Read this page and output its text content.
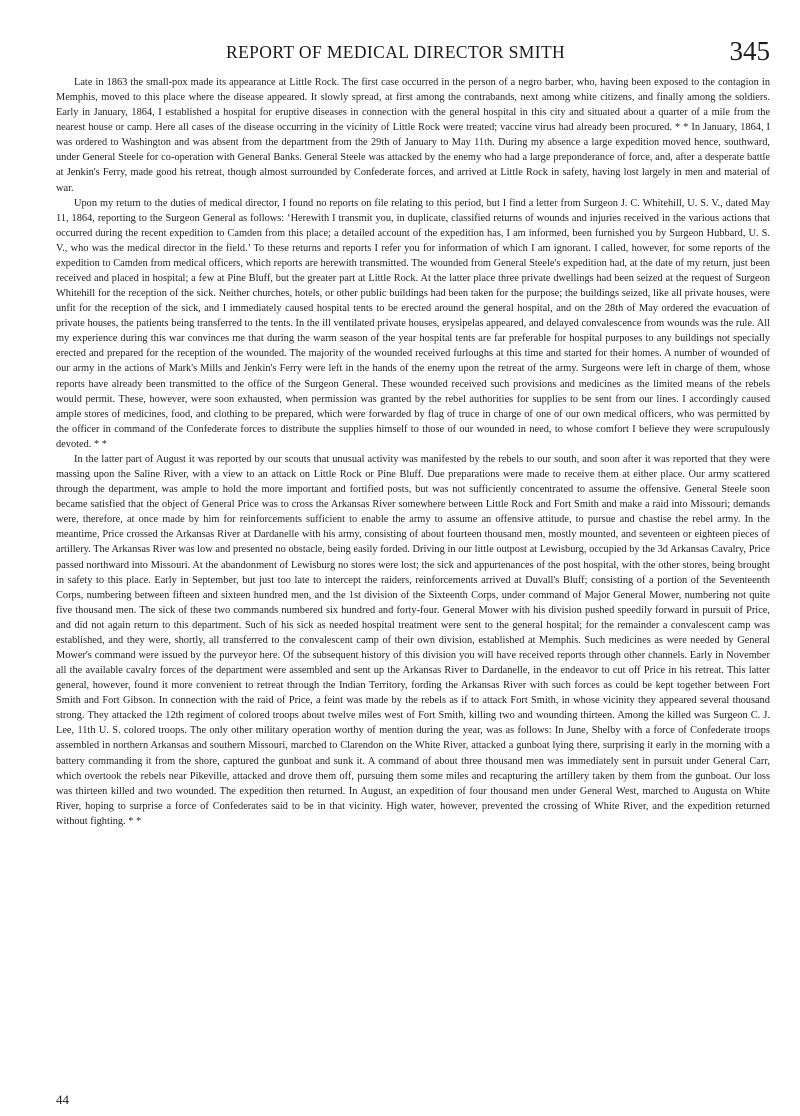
REPORT OF MEDICAL DIRECTOR SMITH	345

Late in 1863 the small-pox made its appearance at Little Rock. The first case occurred in the person of a negro barber, who, having been exposed to the contagion in Memphis, moved to this place where the disease appeared. It slowly spread, at first among the contrabands, next among white citizens, and finally among the soldiers. Early in January, 1864, I established a hospital for eruptive diseases in connection with the general hospital in this city and situated about a quarter of a mile from the nearest house or camp. Here all cases of the disease occurring in the vicinity of Little Rock were treated; vaccine virus had already been procured. * * In January, 1864, I was ordered to Washington and was absent from the department from the 29th of January to May 11th. During my absence a large expedition moved hence, southward, under General Steele for co-operation with General Banks. General Steele was attacked by the enemy who had a large preponderance of force, and, after a desperate battle at Jenkin's Ferry, made good his retreat, though almost surrounded by Confederate forces, and arrived at Little Rock in safety, having lost largely in men and material of war.

Upon my return to the duties of medical director, I found no reports on file relating to this period, but I find a letter from Surgeon J. C. Whitehill, U. S. V., dated May 11, 1864, reporting to the Surgeon General as follows: ‘Herewith I transmit you, in duplicate, classified returns of wounds and injuries received in the various actions that occurred during the recent expedition to Camden from this place; a detailed account of the expedition has, I am informed, been furnished you by Surgeon Hubbard, U. S. V., who was the medical director in the field.’ To these returns and reports I refer you for information of which I am ignorant. I called, however, for some reports of the expedition to Camden from medical officers, which reports are herewith transmitted. The wounded from General Steele's expedition had, at the date of my return, just been received and placed in hospital; a few at Pine Bluff, but the greater part at Little Rock. At the latter place three private dwellings had been seized at the request of Surgeon Whitehill for the reception of the sick. Neither churches, hotels, or other public buildings had been taken for the purpose; the buildings seized, like all private houses, were unfit for the reception of the sick, and I immediately caused hospital tents to be erected around the general hospital, and on the 28th of May ordered the evacuation of private houses, the patients being transferred to the tents. In the ill ventilated private houses, erysipelas appeared, and delayed convalescence from wounds was the rule. All my experience during this war convinces me that during the warm season of the year hospital tents are far preferable for hospital purposes to any buildings not specially erected and prepared for the reception of the wounded. The majority of the wounded received furloughs at this time and started for their homes. A number of wounded of our army in the actions of Mark's Mills and Jenkin's Ferry were left in the hands of the enemy upon the retreat of the army. Surgeons were left in charge of them, whose reports have already been transmitted to the office of the Surgeon General. These wounded received such provisions and medicines as the limited means of the rebels would permit. These, however, were soon exhausted, when permission was granted by the rebel authorities for supplies to be sent from our lines. I accordingly caused ample stores of medicines, food, and clothing to be prepared, which were forwarded by flag of truce in charge of one of our own medical officers, who was permitted by the officer in command of the Confederate forces to distribute the supplies himself to those of our wounded in need, to whose comfort I believe they were scrupulously devoted. * *

In the latter part of August it was reported by our scouts that unusual activity was manifested by the rebels to our south, and soon after it was reported that they were massing upon the Saline River, with a view to an attack on Little Rock or Pine Bluff. Due preparations were made to receive them at either place. Our army scattered through the department, was ample to hold the more important and fortified posts, but was not sufficiently concentrated to assume the offensive. General Steele soon became satisfied that the object of General Price was to cross the Arkansas River somewhere between Little Rock and Fort Smith and make a raid into Missouri; demands were, therefore, at once made by him for reinforcements sufficient to enable the army to assume an offensive attitude, to pursue and chastise the rebel army. In the meantime, Price crossed the Arkansas River at Dardanelle with his army, consisting of about fourteen thousand men, mostly mounted, and seventeen or eighteen pieces of artillery. The Arkansas River was low and presented no obstacle, being easily forded. Driving in our little outpost at Lewisburg, occupied by the 3d Arkansas Cavalry, Price passed northward into Missouri. At the abandonment of Lewisburg no stores were lost; the sick and appurtenances of the post hospital, with the other stores, being brought in safety to this place. Early in September, but just too late to intercept the raiders, reinforcements arrived at Duvall's Bluff; consisting of a portion of the Seventeenth Corps, numbering between fifteen and sixteen hundred men, and the 1st division of the Sixteenth Corps, under command of Major General Mower, numbering not quite five thousand men. The sick of these two commands numbered six hundred and forty-four. General Mower with his division pushed speedily forward in pursuit of Price, and did not again return to this department. Such of his sick as needed hospital treatment were sent to the general hospital; for the remainder a convalescent camp was established, and they were, shortly, all transferred to the convalescent camp of their own division, established at Memphis. Such medicines as were needed by General Mower's command were issued by the purveyor here. Of the subsequent history of this division you will have received reports through other channels. Early in November all the available cavalry forces of the department were assembled and sent up the Arkansas River to Dardanelle, in the endeavor to cut off Price in his retreat. This latter general, however, found it more convenient to retreat through the Indian Territory, fording the Arkansas River with such forces as could be kept together between Fort Smith and Fort Gibson. In connection with the raid of Price, a feint was made by the rebels as if to attack Fort Smith, in whose vicinity they appeared several thousand strong. They attacked the 12th regiment of colored troops about twelve miles west of Fort Smith, killing two and wounding thirteen. Among the killed was Surgeon C. J. Lee, 11th U. S. colored troops. The only other military operation worthy of mention during the year, was as follows: In June, Shelby with a force of Confederate troops assembled in northern Arkansas and southern Missouri, marched to Clarendon on the White River, attacked a gunboat lying there, surprising it early in the morning with a battery commanding it from the shore, captured the gunboat and sunk it. A command of about three thousand men was immediately sent in pursuit under General Carr, which overtook the rebels near Pikeville, attacked and drove them off, pursuing them some miles and recapturing the artillery taken by them from the gunboat. Our loss was thirteen killed and two wounded. The expedition then returned. In August, an expedition of four thousand men under General West, marched to Augusta on White River, hoping to surprise a force of Confederates said to be in that vicinity. High water, however, prevented the crossing of White River, and the expedition returned without fighting. * *

44
